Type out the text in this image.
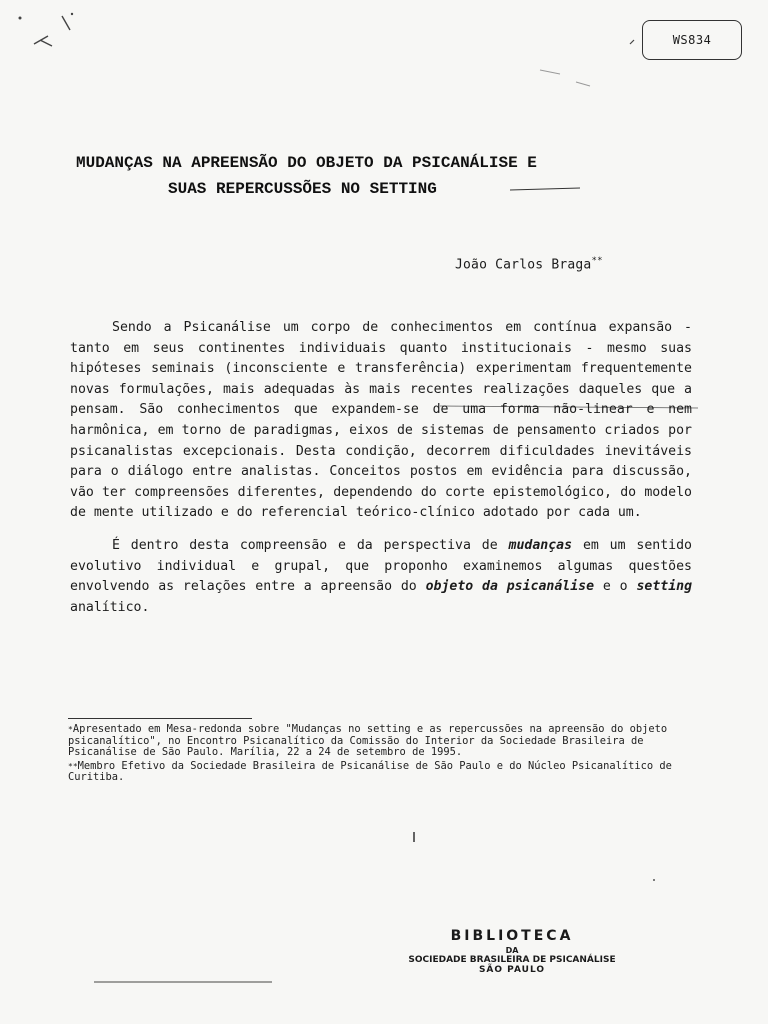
WS834
MUDANÇAS NA APREENSÃO DO OBJETO DA PSICANÁLISE E
SUAS REPERCUSSÕES NO SETTING
João Carlos Braga**

Sendo a Psicanálise um corpo de conhecimentos em contínua expansão - tanto em seus continentes individuais quanto institucionais - mesmo suas hipóteses seminais (inconsciente e transferência) experimentam frequentemente novas formulações, mais adequadas às mais recentes realizações daqueles que a pensam. São conhecimentos que expandem-se de uma forma não-linear e nem harmônica, em torno de paradigmas, eixos de sistemas de pensamento criados por psicanalistas excepcionais. Desta condição, decorrem dificuldades inevitáveis para o diálogo entre analistas. Conceitos postos em evidência para discussão, vão ter compreensões diferentes, dependendo do corte epistemológico, do modelo de mente utilizado e do referencial teórico-clínico adotado por cada um.

É dentro desta compreensão e da perspectiva de mudanças em um sentido evolutivo individual e grupal, que proponho examinemos algumas questões envolvendo as relações entre a apreensão do objeto da psicanálise e o setting analítico.

*Apresentado em Mesa-redonda sobre "Mudanças no setting e as repercussões na apreensão do objeto psicanalítico", no Encontro Psicanalítico da Comissão do Interior da Sociedade Brasileira de Psicanálise de São Paulo. Marília, 22 a 24 de setembro de 1995.

**Membro Efetivo da Sociedade Brasileira de Psicanálise de São Paulo e do Núcleo Psicanalítico de Curitiba.

BIBLIOTECA
DA
SOCIEDADE BRASILEIRA DE PSICANÁLISE
SÃO PAULO
